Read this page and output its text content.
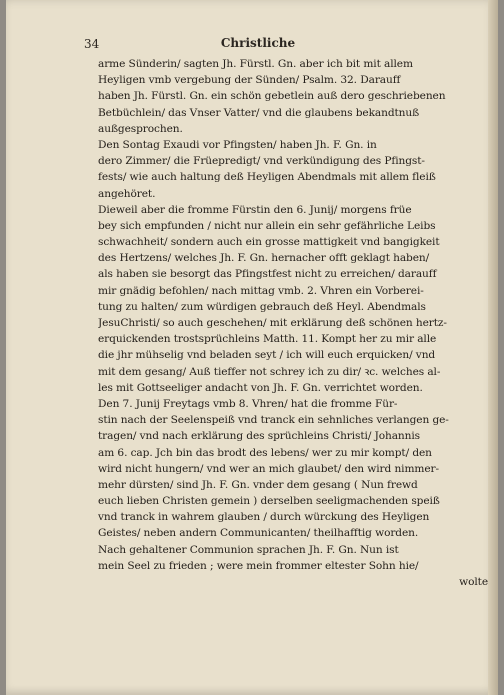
34	Christliche
arme Sünderin/ sagten Jh. Fürstl. Gn. aber ich bit mit allem
Heyligen vmb vergebung der Sünden/ Psalm. 32. Darauff
haben Jh. Fürstl. Gn. ein schön gebetlein auß dero geschriebenen
Betbüchlein/ das Vnser Vatter/ vnd die glaubens bekandtnuß
außgesprochen.
Den Sontag Exaudi vor Pfingsten/ haben Jh. F. Gn. in
dero Zimmer/ die Früepredigt/ vnd verkündigung des Pfingst-
fests/ wie auch haltung deß Heyligen Abendmals mit allem fleiß
angehöret.
Dieweil aber die fromme Fürstin den 6. Junij/ morgens früe
bey sich empfunden / nicht nur allein ein sehr gefährliche Leibs
schwachheit/ sondern auch ein grosse mattigkeit vnd bangigkeit
des Hertzens/ welches Jh. F. Gn. hernacher offt geklagt haben/
als haben sie besorgt das Pfingstfest nicht zu erreichen/ darauff
mir gnädig befohlen/ nach mittag vmb. 2. Vhren ein Vorberei-
tung zu halten/ zum würdigen gebrauch deß Heyl. Abendmals
JesuChristi/ so auch geschehen/ mit erklärung deß schönen hertz-
erquickenden trostsprüchleins Matth. 11. Kompt her zu mir alle
die jhr mühselig vnd beladen seyt / ich will euch erquicken/ vnd
mit dem gesang/ Auß tieffer not schrey ich zu dir/ ꝛc. welches al-
les mit Gottseeliger andacht von Jh. F. Gn. verrichtet worden.
Den 7. Junij Freytags vmb 8. Vhren/ hat die fromme Für-
stin nach der Seelenspeiß vnd tranck ein sehnliches verlangen ge-
tragen/ vnd nach erklärung des sprüchleins Christi/ Johannis
am 6. cap. Jch bin das brodt des lebens/ wer zu mir kompt/ den
wird nicht hungern/ vnd wer an mich glaubet/ den wird nimmer-
mehr dürsten/ sind Jh. F. Gn. vnder dem gesang ( Nun frewd
euch lieben Christen gemein ) derselben seeligmachenden speiß
vnd tranck in wahrem glauben / durch würckung des Heyligen
Geistes/ neben andern Communicanten/ theilhafftig worden.
Nach gehaltener Communion sprachen Jh. F. Gn. Nun ist
mein Seel zu frieden ; were mein frommer eltester Sohn hie/
wolte
